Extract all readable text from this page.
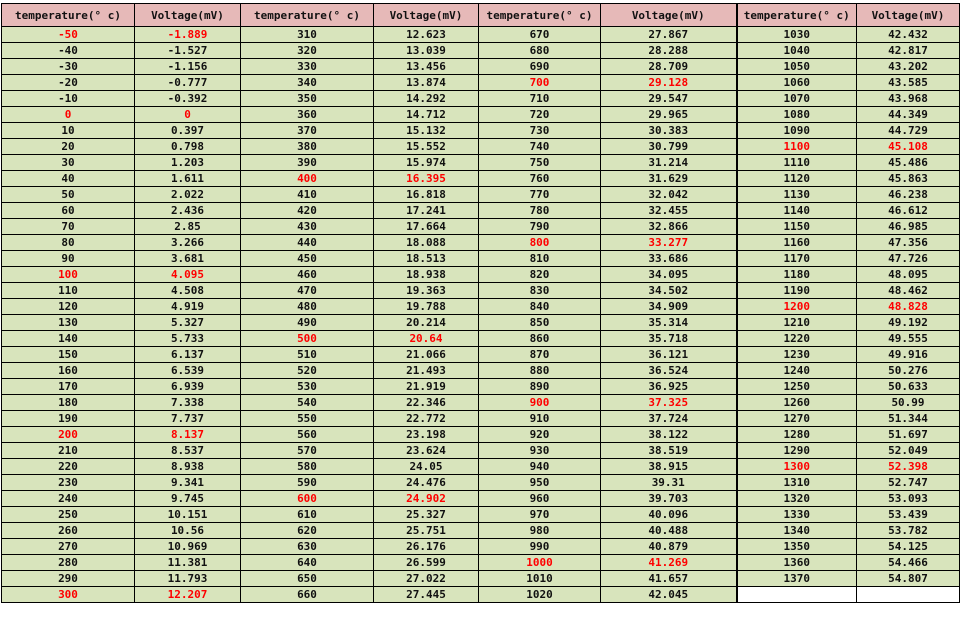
temperature(° c)	Voltage(mV)	temperature(° c)	Voltage(mV)	temperature(° c)	Voltage(mV)	temperature(° c)	Voltage(mV)
-50	-1.889	310	12.623	670	27.867	1030	42.432
-40	-1.527	320	13.039	680	28.288	1040	42.817
-30	-1.156	330	13.456	690	28.709	1050	43.202
-20	-0.777	340	13.874	700	29.128	1060	43.585
-10	-0.392	350	14.292	710	29.547	1070	43.968
0	0	360	14.712	720	29.965	1080	44.349
10	0.397	370	15.132	730	30.383	1090	44.729
20	0.798	380	15.552	740	30.799	1100	45.108
30	1.203	390	15.974	750	31.214	1110	45.486
40	1.611	400	16.395	760	31.629	1120	45.863
50	2.022	410	16.818	770	32.042	1130	46.238
60	2.436	420	17.241	780	32.455	1140	46.612
70	2.85	430	17.664	790	32.866	1150	46.985
80	3.266	440	18.088	800	33.277	1160	47.356
90	3.681	450	18.513	810	33.686	1170	47.726
100	4.095	460	18.938	820	34.095	1180	48.095
110	4.508	470	19.363	830	34.502	1190	48.462
120	4.919	480	19.788	840	34.909	1200	48.828
130	5.327	490	20.214	850	35.314	1210	49.192
140	5.733	500	20.64	860	35.718	1220	49.555
150	6.137	510	21.066	870	36.121	1230	49.916
160	6.539	520	21.493	880	36.524	1240	50.276
170	6.939	530	21.919	890	36.925	1250	50.633
180	7.338	540	22.346	900	37.325	1260	50.99
190	7.737	550	22.772	910	37.724	1270	51.344
200	8.137	560	23.198	920	38.122	1280	51.697
210	8.537	570	23.624	930	38.519	1290	52.049
220	8.938	580	24.05	940	38.915	1300	52.398
230	9.341	590	24.476	950	39.31	1310	52.747
240	9.745	600	24.902	960	39.703	1320	53.093
250	10.151	610	25.327	970	40.096	1330	53.439
260	10.56	620	25.751	980	40.488	1340	53.782
270	10.969	630	26.176	990	40.879	1350	54.125
280	11.381	640	26.599	1000	41.269	1360	54.466
290	11.793	650	27.022	1010	41.657	1370	54.807
300	12.207	660	27.445	1020	42.045		
